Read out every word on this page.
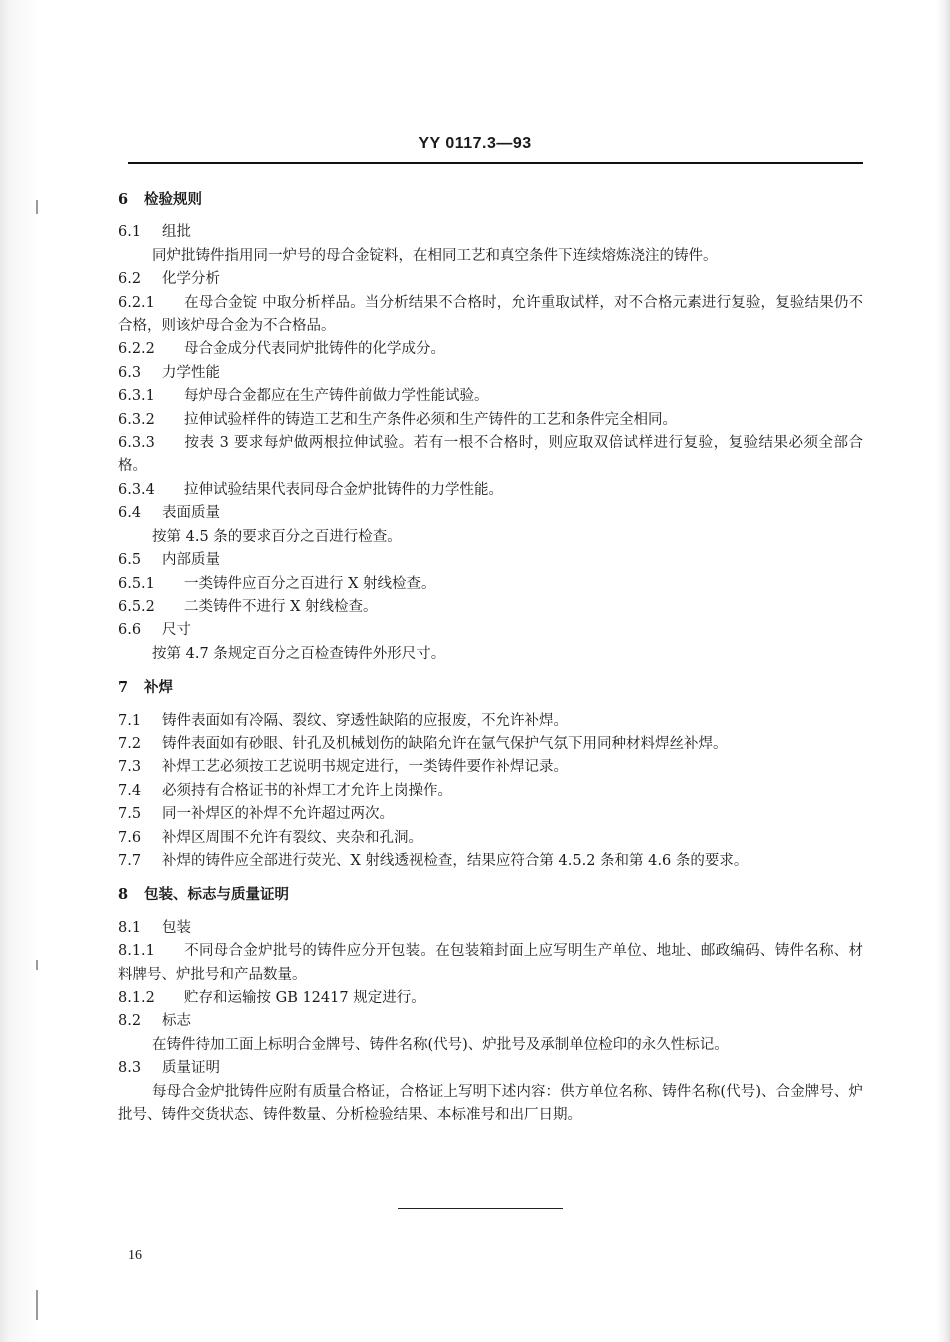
YY 0117.3—93
6 检验规则
6.1 组批
同炉批铸件指用同一炉号的母合金锭料，在相同工艺和真空条件下连续熔炼浇注的铸件。
6.2 化学分析
6.2.1 在母合金锭 中取分析样品。当分析结果不合格时，允许重取试样，对不合格元素进行复验，复验结果仍不合格，则该炉母合金为不合格品。
6.2.2 母合金成分代表同炉批铸件的化学成分。
6.3 力学性能
6.3.1 每炉母合金都应在生产铸件前做力学性能试验。
6.3.2 拉伸试验样件的铸造工艺和生产条件必须和生产铸件的工艺和条件完全相同。
6.3.3 按表 3 要求每炉做两根拉伸试验。若有一根不合格时，则应取双倍试样进行复验，复验结果必须全部合格。
6.3.4 拉伸试验结果代表同母合金炉批铸件的力学性能。
6.4 表面质量
按第 4.5 条的要求百分之百进行检查。
6.5 内部质量
6.5.1 一类铸件应百分之百进行 X 射线检查。
6.5.2 二类铸件不进行 X 射线检查。
6.6 尺寸
按第 4.7 条规定百分之百检查铸件外形尺寸。
7 补焊
7.1 铸件表面如有冷隔、裂纹、穿透性缺陷的应报废，不允许补焊。
7.2 铸件表面如有砂眼、针孔及机械划伤的缺陷允许在氩气保护气氛下用同种材料焊丝补焊。
7.3 补焊工艺必须按工艺说明书规定进行，一类铸件要作补焊记录。
7.4 必须持有合格证书的补焊工才允许上岗操作。
7.5 同一补焊区的补焊不允许超过两次。
7.6 补焊区周围不允许有裂纹、夹杂和孔洞。
7.7 补焊的铸件应全部进行荧光、X 射线透视检查，结果应符合第 4.5.2 条和第 4.6 条的要求。
8 包装、标志与质量证明
8.1 包装
8.1.1 不同母合金炉批号的铸件应分开包装。在包装箱封面上应写明生产单位、地址、邮政编码、铸件名称、材料牌号、炉批号和产品数量。
8.1.2 贮存和运输按 GB 12417 规定进行。
8.2 标志
在铸件待加工面上标明合金牌号、铸件名称(代号)、炉批号及承制单位检印的永久性标记。
8.3 质量证明
每母合金炉批铸件应附有质量合格证，合格证上写明下述内容：供方单位名称、铸件名称(代号)、合金牌号、炉批号、铸件交货状态、铸件数量、分析检验结果、本标准号和出厂日期。
16
